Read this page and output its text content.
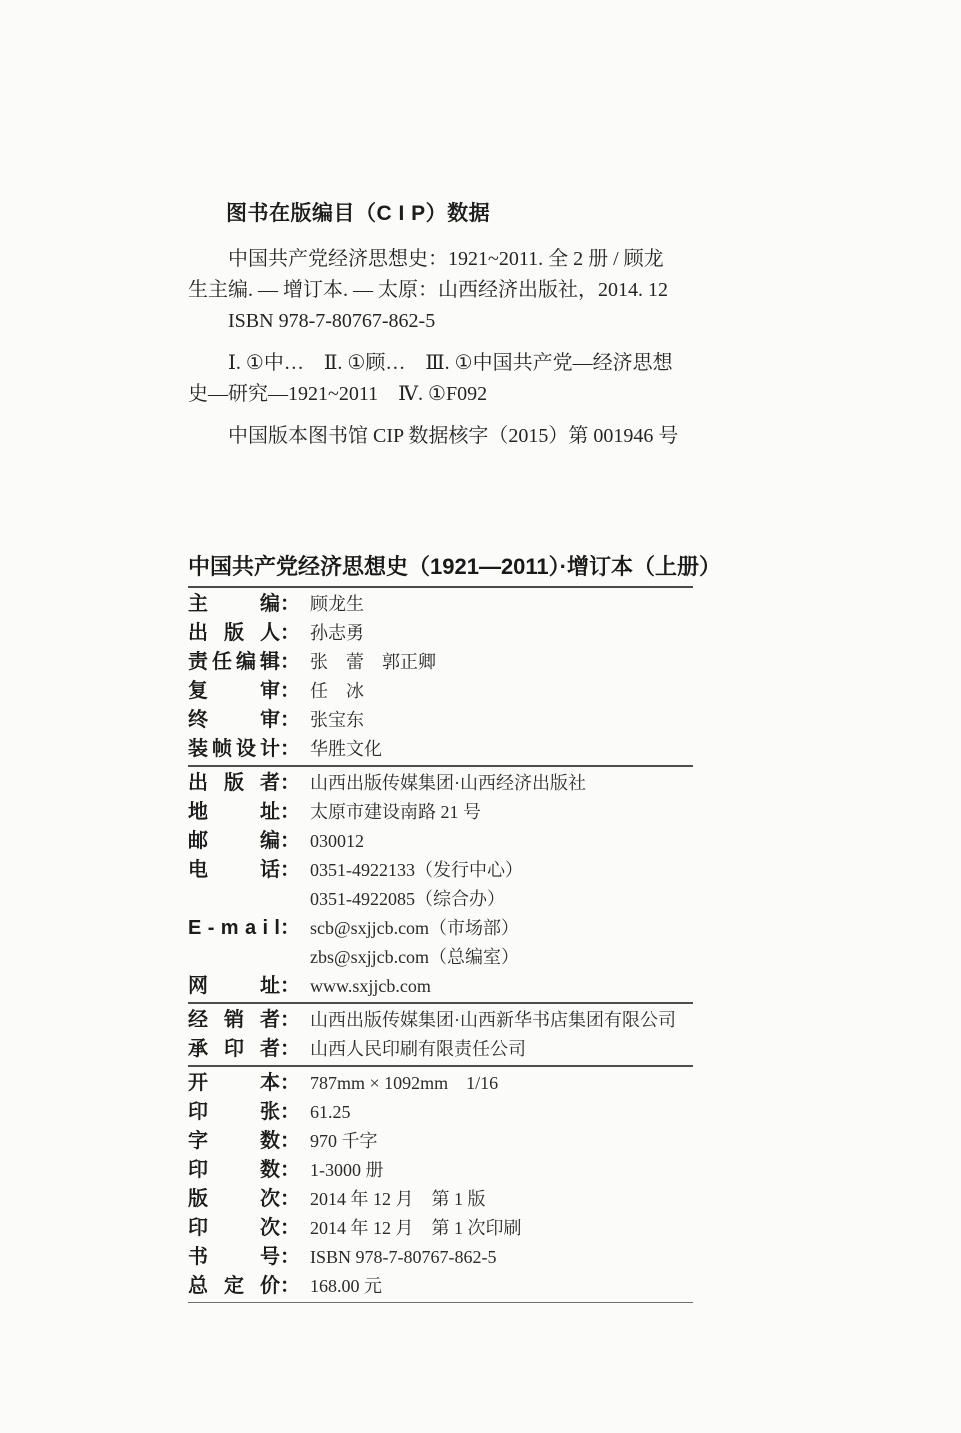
图书在版编目（C I P）数据

中国共产党经济思想史：1921~2011. 全 2 册 / 顾龙

生主编. — 增订本. — 太原：山西经济出版社，2014. 12

ISBN 978-7-80767-862-5

Ⅰ. ①中…　Ⅱ. ①顾…　Ⅲ. ①中国共产党—经济思想

史—研究—1921~2011　Ⅳ. ①F092

中国版本图书馆 CIP 数据核字（2015）第 001946 号

中国共产党经济思想史（1921—2011）·增订本（上册）
主	编 ： 顾龙生
出 版 人 ： 孙志勇
责 任 编 辑 ： 张　蕾　郭正卿
复	审 ： 任　冰
终	审 ： 张宝东
装 帧 设 计 ： 华胜文化
出 版 者 ： 山西出版传媒集团·山西经济出版社
地	址 ： 太原市建设南路 21 号
邮	编 ： 030012
电	话 ： 0351-4922133（发行中心）
0351-4922085（综合办）
E - m a i l ： scb@sxjjcb.com（市场部）
zbs@sxjjcb.com（总编室）
网	址 ： www.sxjjcb.com
经 销 者 ： 山西出版传媒集团·山西新华书店集团有限公司
承 印 者 ： 山西人民印刷有限责任公司
开	本 ： 787mm × 1092mm　1/16
印	张 ： 61.25
字	数 ： 970 千字
印	数 ： 1-3000 册
版	次 ： 2014 年 12 月　第 1 版
印	次 ： 2014 年 12 月　第 1 次印刷
书	号 ： ISBN 978-7-80767-862-5
总 定 价 ： 168.00 元
